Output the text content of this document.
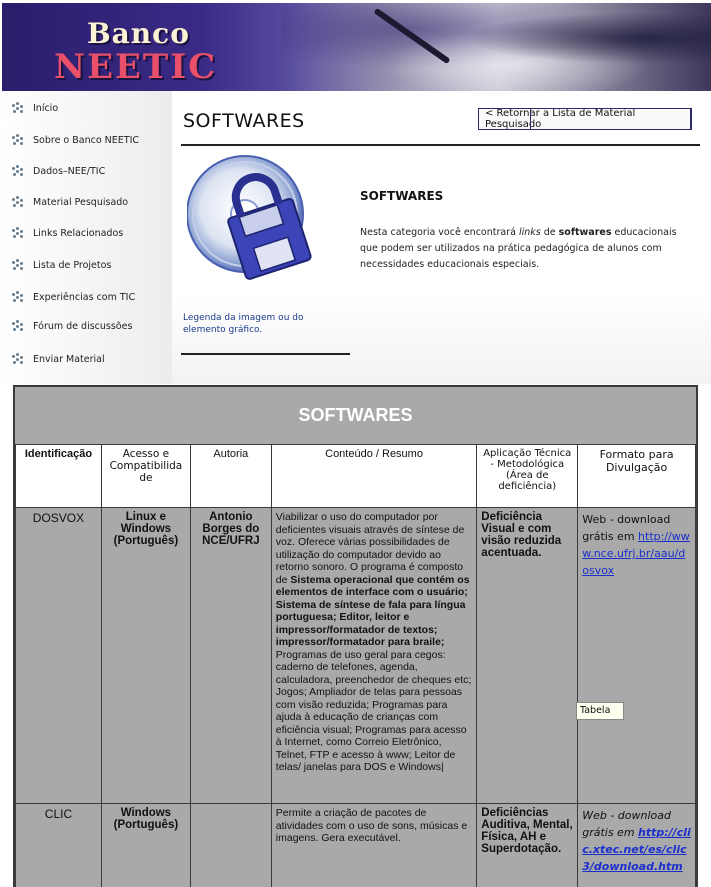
Banco
NEETIC
Início
Sobre o Banco NEETIC
Dados–NEE/TIC
Material Pesquisado
Links Relacionados
Lista de Projetos
Experiências com TIC
Fórum de discussões
Enviar Material
SOFTWARES	< Retornar a Lista de Material Pesquisado
Legenda da imagem ou do elemento gráfico.
SOFTWARES
Nesta categoria você encontrará links de softwares educacionais que podem ser utilizados na prática pedagógica de alunos com necessidades educacionais especiais.
SOFTWARES
Identificação	Acesso e Compatibilida de	Autoria	Conteúdo / Resumo	Aplicação Técnica - Metodológica (Área de deficiência)	Formato para Divulgação
DOSVOX	Linux e Windows (Português)	Antonio Borges do NCE/UFRJ	Viabilizar o uso do computador por deficientes visuais através de síntese de voz. Oferece várias possibilidades de utilização do computador devido ao retorno sonoro. O programa é composto de Sistema operacional que contém os elementos de interface com o usuário; Sistema de síntese de fala para língua portuguesa; Editor, leitor e impressor/formatador de textos; impressor/formatador para braile; Programas de uso geral para cegos: caderno de telefones, agenda, calculadora, preenchedor de cheques etc; Jogos; Ampliador de telas para pessoas com visão reduzida; Programas para ajuda à educação de crianças com eficiência visual; Programas para acesso à Internet, como Correio Eletrônico, Telnet, FTP e acesso à www; Leitor de telas/ janelas para DOS e Windows|	Deficiência Visual e com visão reduzida acentuada.	Web - download grátis em http://www.nce.ufrj.br/aau/dosvox
CLIC	Windows (Português)		Permite a criação de pacotes de atividades com o uso de sons, músicas e imagens. Gera executável.	Deficiências Auditiva, Mental, Física, AH e Superdotação.	Web - download grátis em http://clic.xtec.net/es/clic3/download.htm
Tabela
